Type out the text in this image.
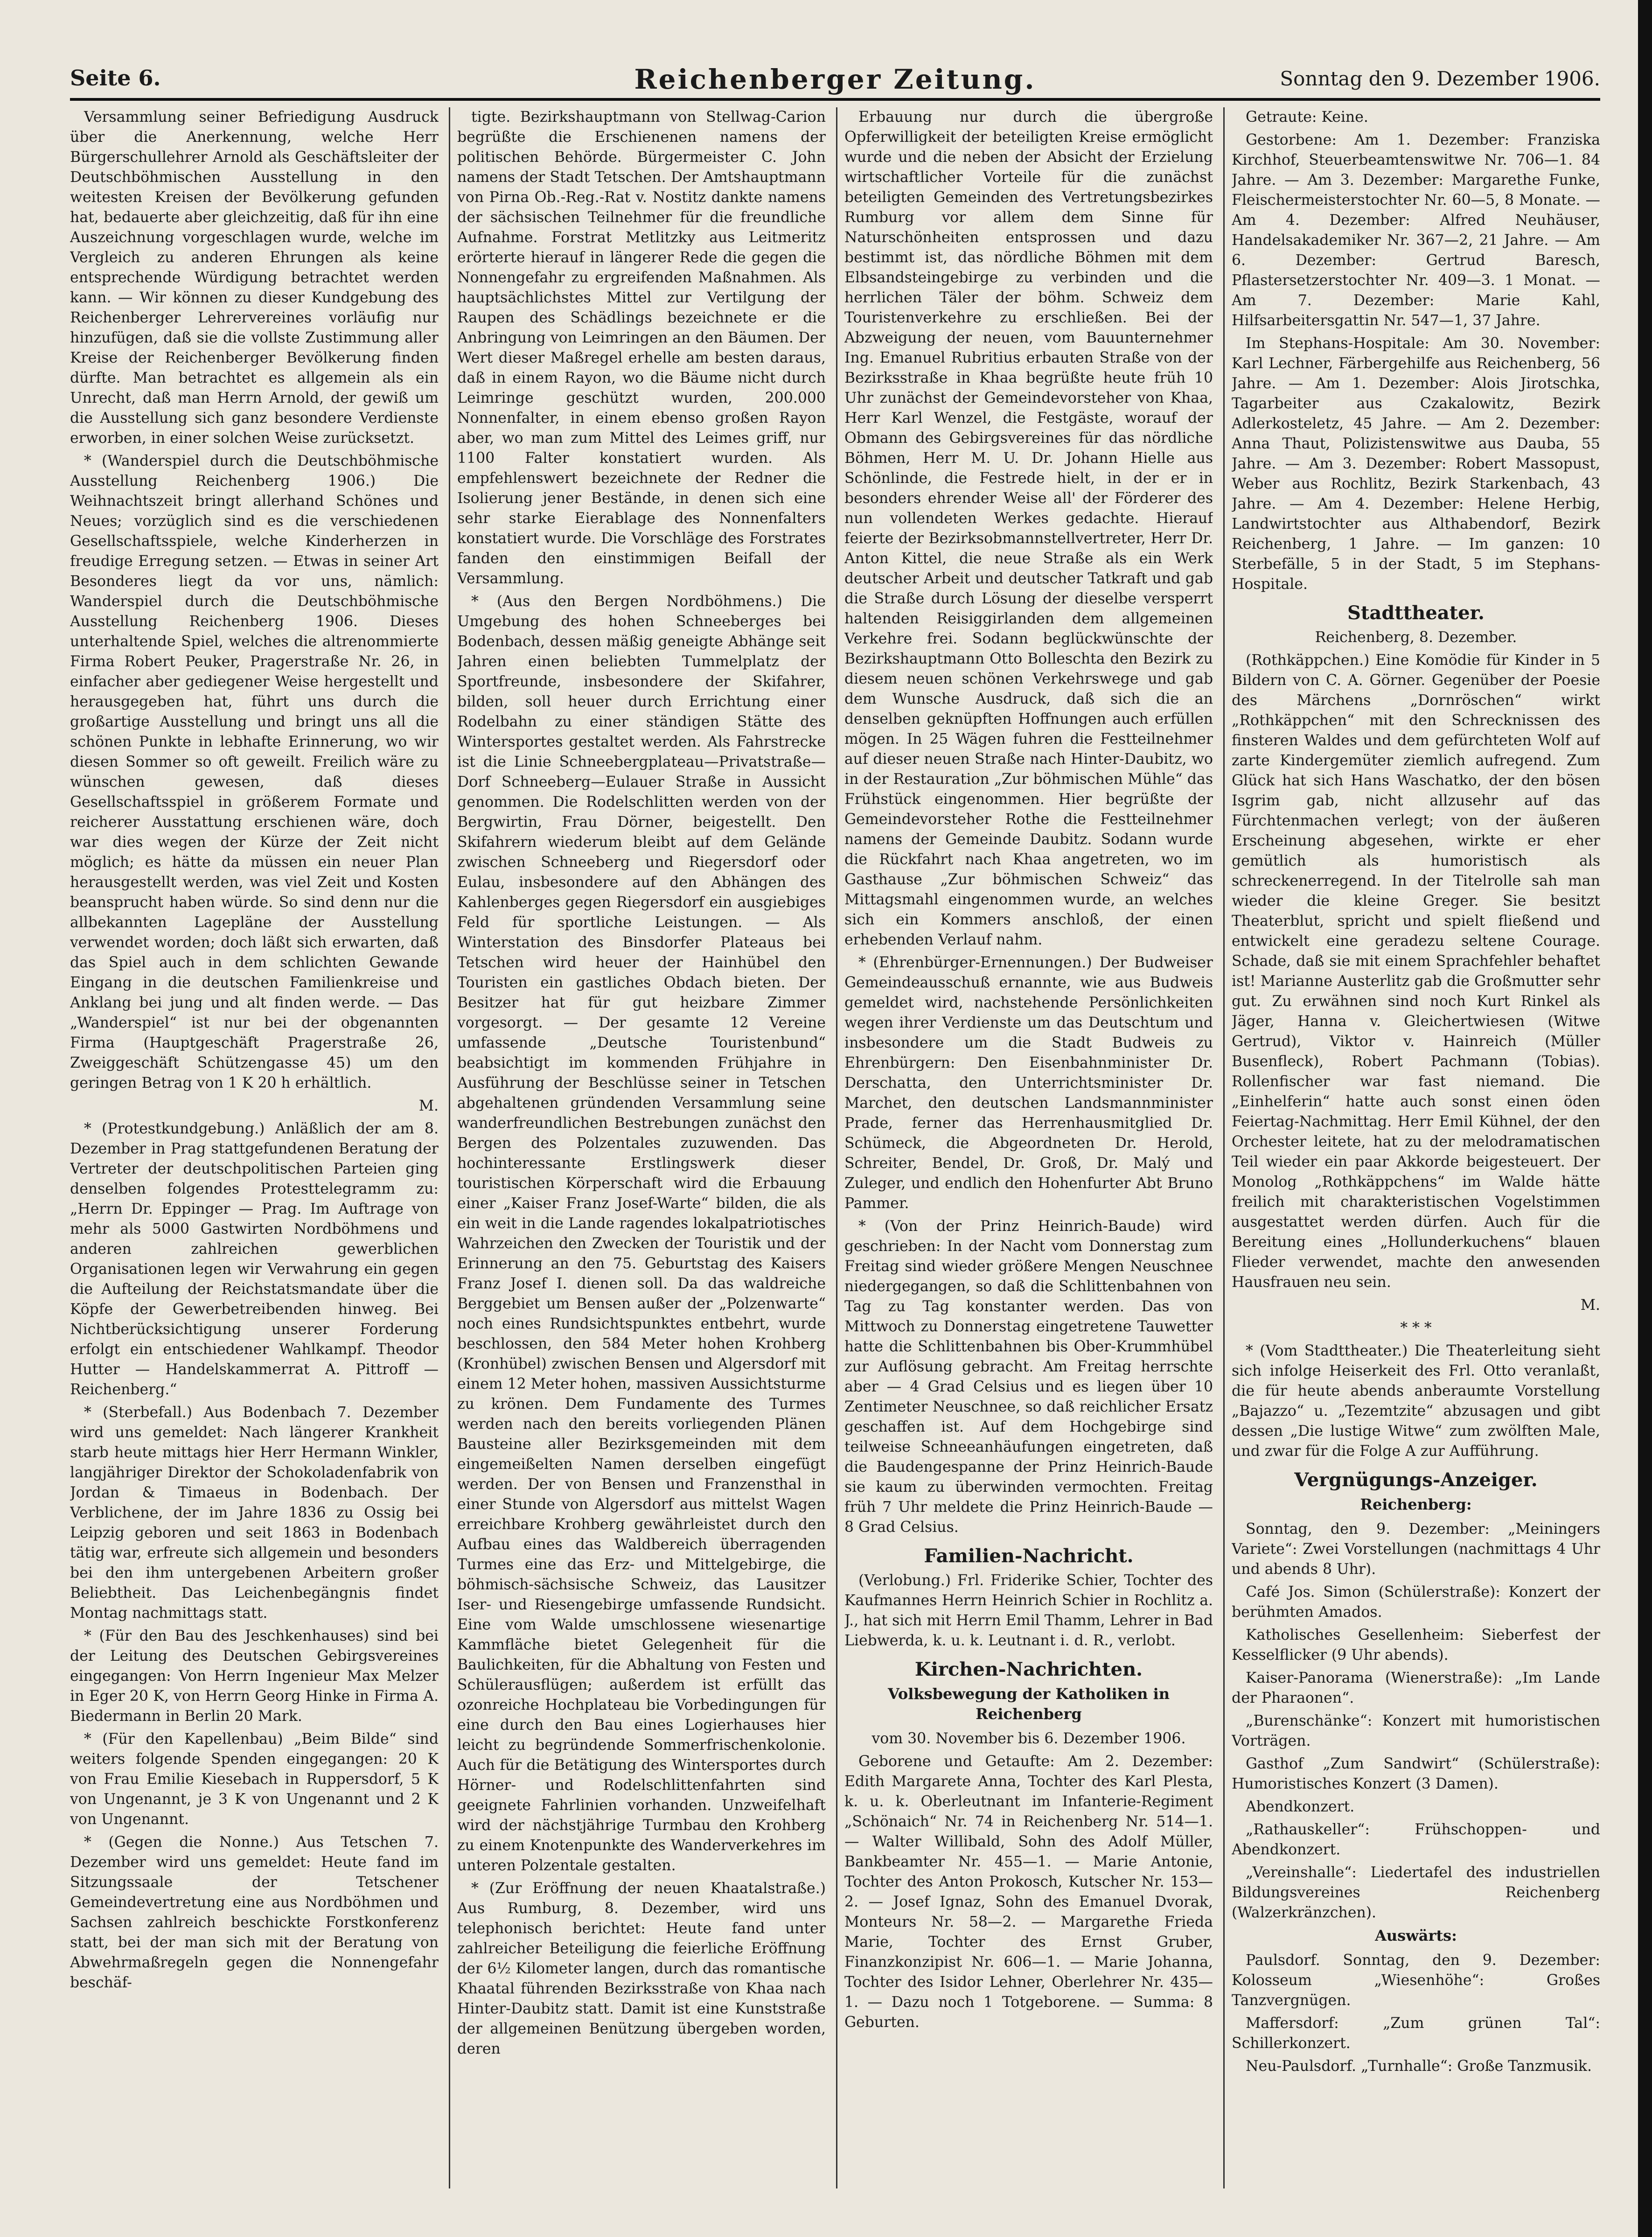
Seite 6.	Reichenberger Zeitung.	Sonntag den 9. Dezember 1906.

Versammlung seiner Befriedigung Ausdruck über die Anerkennung, welche Herr Bürgerschullehrer Arnold als Geschäftsleiter der Deutschböhmischen Ausstellung in den weitesten Kreisen der Bevölkerung gefunden hat, bedauerte aber gleichzeitig, daß für ihn eine Auszeichnung vorgeschlagen wurde, welche im Vergleich zu anderen Ehrungen als keine entsprechende Würdigung betrachtet werden kann. — Wir können zu dieser Kundgebung des Reichenberger Lehrervereines vorläufig nur hinzufügen, daß sie die vollste Zustimmung aller Kreise der Reichenberger Bevölkerung finden dürfte. Man betrachtet es allgemein als ein Unrecht, daß man Herrn Arnold, der gewiß um die Ausstellung sich ganz besondere Verdienste erworben, in einer solchen Weise zurücksetzt.

* (Wanderspiel durch die Deutschböhmische Ausstellung Reichenberg 1906.) Die Weihnachtszeit bringt allerhand Schönes und Neues; vorzüglich sind es die verschiedenen Gesellschaftsspiele, welche Kinderherzen in freudige Erregung setzen. — Etwas in seiner Art Besonderes liegt da vor uns, nämlich: Wanderspiel durch die Deutschböhmische Ausstellung Reichenberg 1906. Dieses unterhaltende Spiel, welches die altrenommierte Firma Robert Peuker, Pragerstraße Nr. 26, in einfacher aber gediegener Weise hergestellt und herausgegeben hat, führt uns durch die großartige Ausstellung und bringt uns all die schönen Punkte in lebhafte Erinnerung, wo wir diesen Sommer so oft geweilt. Freilich wäre zu wünschen gewesen, daß dieses Gesellschaftsspiel in größerem Formate und reicherer Ausstattung erschienen wäre, doch war dies wegen der Kürze der Zeit nicht möglich; es hätte da müssen ein neuer Plan herausgestellt werden, was viel Zeit und Kosten beansprucht haben würde. So sind denn nur die allbekannten Lagepläne der Ausstellung verwendet worden; doch läßt sich erwarten, daß das Spiel auch in dem schlichten Gewande Eingang in die deutschen Familienkreise und Anklang bei jung und alt finden werde. — Das „Wanderspiel“ ist nur bei der obgenannten Firma (Hauptgeschäft Pragerstraße 26, Zweiggeschäft Schützengasse 45) um den geringen Betrag von 1 K 20 h erhältlich.

M.

* (Protestkundgebung.) Anläßlich der am 8. Dezember in Prag stattgefundenen Beratung der Vertreter der deutschpolitischen Parteien ging denselben folgendes Protesttelegramm zu: „Herrn Dr. Eppinger — Prag. Im Auftrage von mehr als 5000 Gastwirten Nordböhmens und anderen zahlreichen gewerblichen Organisationen legen wir Verwahrung ein gegen die Aufteilung der Reichstatsmandate über die Köpfe der Gewerbetreibenden hinweg. Bei Nichtberücksichtigung unserer Forderung erfolgt ein entschiedener Wahlkampf. Theodor Hutter — Handelskammerrat A. Pittroff — Reichenberg.“

* (Sterbefall.) Aus Bodenbach 7. Dezember wird uns gemeldet: Nach längerer Krankheit starb heute mittags hier Herr Hermann Winkler, langjähriger Direktor der Schokoladenfabrik von Jordan & Timaeus in Bodenbach. Der Verblichene, der im Jahre 1836 zu Ossig bei Leipzig geboren und seit 1863 in Bodenbach tätig war, erfreute sich allgemein und besonders bei den ihm untergebenen Arbeitern großer Beliebtheit. Das Leichenbegängnis findet Montag nachmittags statt.

* (Für den Bau des Jeschkenhauses) sind bei der Leitung des Deutschen Gebirgsvereines eingegangen: Von Herrn Ingenieur Max Melzer in Eger 20 K, von Herrn Georg Hinke in Firma A. Biedermann in Berlin 20 Mark.

* (Für den Kapellenbau) „Beim Bilde“ sind weiters folgende Spenden eingegangen: 20 K von Frau Emilie Kiesebach in Ruppersdorf, 5 K von Ungenannt, je 3 K von Ungenannt und 2 K von Ungenannt.

* (Gegen die Nonne.) Aus Tetschen 7. Dezember wird uns gemeldet: Heute fand im Sitzungssaale der Tetschener Gemeindevertretung eine aus Nordböhmen und Sachsen zahlreich beschickte Forstkonferenz statt, bei der man sich mit der Beratung von Abwehrmaßregeln gegen die Nonnengefahr beschäf-

tigte. Bezirkshauptmann von Stellwag-Carion begrüßte die Erschienenen namens der politischen Behörde. Bürgermeister C. John namens der Stadt Tetschen. Der Amtshauptmann von Pirna Ob.-Reg.-Rat v. Nostitz dankte namens der sächsischen Teilnehmer für die freundliche Aufnahme. Forstrat Metlitzky aus Leitmeritz erörterte hierauf in längerer Rede die gegen die Nonnengefahr zu ergreifenden Maßnahmen. Als hauptsächlichstes Mittel zur Vertilgung der Raupen des Schädlings bezeichnete er die Anbringung von Leimringen an den Bäumen. Der Wert dieser Maßregel erhelle am besten daraus, daß in einem Rayon, wo die Bäume nicht durch Leimringe geschützt wurden, 200.000 Nonnenfalter, in einem ebenso großen Rayon aber, wo man zum Mittel des Leimes griff, nur 1100 Falter konstatiert wurden. Als empfehlenswert bezeichnete der Redner die Isolierung jener Bestände, in denen sich eine sehr starke Eierablage des Nonnenfalters konstatiert wurde. Die Vorschläge des Forstrates fanden den einstimmigen Beifall der Versammlung.

* (Aus den Bergen Nordböhmens.) Die Umgebung des hohen Schneeberges bei Bodenbach, dessen mäßig geneigte Abhänge seit Jahren einen beliebten Tummelplatz der Sportfreunde, insbesondere der Skifahrer, bilden, soll heuer durch Errichtung einer Rodelbahn zu einer ständigen Stätte des Wintersportes gestaltet werden. Als Fahrstrecke ist die Linie Schneebergplateau—Privatstraße—Dorf Schneeberg—Eulauer Straße in Aussicht genommen. Die Rodelschlitten werden von der Bergwirtin, Frau Dörner, beigestellt. Den Skifahrern wiederum bleibt auf dem Gelände zwischen Schneeberg und Riegersdorf oder Eulau, insbesondere auf den Abhängen des Kahlenberges gegen Riegersdorf ein ausgiebiges Feld für sportliche Leistungen. — Als Winterstation des Binsdorfer Plateaus bei Tetschen wird heuer der Hainhübel den Touristen ein gastliches Obdach bieten. Der Besitzer hat für gut heizbare Zimmer vorgesorgt. — Der gesamte 12 Vereine umfassende „Deutsche Touristenbund“ beabsichtigt im kommenden Frühjahre in Ausführung der Beschlüsse seiner in Tetschen abgehaltenen gründenden Versammlung seine wanderfreundlichen Bestrebungen zunächst den Bergen des Polzentales zuzuwenden. Das hochinteressante Erstlingswerk dieser touristischen Körperschaft wird die Erbauung einer „Kaiser Franz Josef-Warte“ bilden, die als ein weit in die Lande ragendes lokalpatriotisches Wahrzeichen den Zwecken der Touristik und der Erinnerung an den 75. Geburtstag des Kaisers Franz Josef I. dienen soll. Da das waldreiche Berggebiet um Bensen außer der „Polzenwarte“ noch eines Rundsichtspunktes entbehrt, wurde beschlossen, den 584 Meter hohen Krohberg (Kronhübel) zwischen Bensen und Algersdorf mit einem 12 Meter hohen, massiven Aussichtsturme zu krönen. Dem Fundamente des Turmes werden nach den bereits vorliegenden Plänen Bausteine aller Bezirksgemeinden mit dem eingemeißelten Namen derselben eingefügt werden. Der von Bensen und Franzensthal in einer Stunde von Algersdorf aus mittelst Wagen erreichbare Krohberg gewährleistet durch den Aufbau eines das Waldbereich überragenden Turmes eine das Erz- und Mittelgebirge, die böhmisch-sächsische Schweiz, das Lausitzer Iser- und Riesengebirge umfassende Rundsicht. Eine vom Walde umschlossene wiesenartige Kammfläche bietet Gelegenheit für die Baulichkeiten, für die Abhaltung von Festen und Schülerausflügen; außerdem ist erfüllt das ozonreiche Hochplateau bie Vorbedingungen für eine durch den Bau eines Logierhauses hier leicht zu begründende Sommerfrischenkolonie. Auch für die Betätigung des Wintersportes durch Hörner- und Rodelschlittenfahrten sind geeignete Fahrlinien vorhanden. Unzweifelhaft wird der nächstjährige Turmbau den Krohberg zu einem Knotenpunkte des Wanderverkehres im unteren Polzentale gestalten.

* (Zur Eröffnung der neuen Khaatalstraße.) Aus Rumburg, 8. Dezember, wird uns telephonisch berichtet: Heute fand unter zahlreicher Beteiligung die feierliche Eröffnung der 6½ Kilometer langen, durch das romantische Khaatal führenden Bezirksstraße von Khaa nach Hinter-Daubitz statt. Damit ist eine Kunststraße der allgemeinen Benützung übergeben worden, deren

Erbauung nur durch die übergroße Opferwilligkeit der beteiligten Kreise ermöglicht wurde und die neben der Absicht der Erzielung wirtschaftlicher Vorteile für die zunächst beteiligten Gemeinden des Vertretungsbezirkes Rumburg vor allem dem Sinne für Naturschönheiten entsprossen und dazu bestimmt ist, das nördliche Böhmen mit dem Elbsandsteingebirge zu verbinden und die herrlichen Täler der böhm. Schweiz dem Touristenverkehre zu erschließen. Bei der Abzweigung der neuen, vom Bauunternehmer Ing. Emanuel Rubritius erbauten Straße von der Bezirksstraße in Khaa begrüßte heute früh 10 Uhr zunächst der Gemeindevorsteher von Khaa, Herr Karl Wenzel, die Festgäste, worauf der Obmann des Gebirgsvereines für das nördliche Böhmen, Herr M. U. Dr. Johann Hielle aus Schönlinde, die Festrede hielt, in der er in besonders ehrender Weise all' der Förderer des nun vollendeten Werkes gedachte. Hierauf feierte der Bezirksobmannstellvertreter, Herr Dr. Anton Kittel, die neue Straße als ein Werk deutscher Arbeit und deutscher Tatkraft und gab die Straße durch Lösung der dieselbe versperrt haltenden Reisiggirlanden dem allgemeinen Verkehre frei. Sodann beglückwünschte der Bezirkshauptmann Otto Bolleschta den Bezirk zu diesem neuen schönen Verkehrswege und gab dem Wunsche Ausdruck, daß sich die an denselben geknüpften Hoffnungen auch erfüllen mögen. In 25 Wägen fuhren die Festteilnehmer auf dieser neuen Straße nach Hinter-Daubitz, wo in der Restauration „Zur böhmischen Mühle“ das Frühstück eingenommen. Hier begrüßte der Gemeindevorsteher Rothe die Festteilnehmer namens der Gemeinde Daubitz. Sodann wurde die Rückfahrt nach Khaa angetreten, wo im Gasthause „Zur böhmischen Schweiz“ das Mittagsmahl eingenommen wurde, an welches sich ein Kommers anschloß, der einen erhebenden Verlauf nahm.

* (Ehrenbürger-Ernennungen.) Der Budweiser Gemeindeausschuß ernannte, wie aus Budweis gemeldet wird, nachstehende Persönlichkeiten wegen ihrer Verdienste um das Deutschtum und insbesondere um die Stadt Budweis zu Ehrenbürgern: Den Eisenbahnminister Dr. Derschatta, den Unterrichtsminister Dr. Marchet, den deutschen Landsmannminister Prade, ferner das Herrenhausmitglied Dr. Schümeck, die Abgeordneten Dr. Herold, Schreiter, Bendel, Dr. Groß, Dr. Malý und Zuleger, und endlich den Hohenfurter Abt Bruno Pammer.

* (Von der Prinz Heinrich-Baude) wird geschrieben: In der Nacht vom Donnerstag zum Freitag sind wieder größere Mengen Neuschnee niedergegangen, so daß die Schlittenbahnen von Tag zu Tag konstanter werden. Das von Mittwoch zu Donnerstag eingetretene Tauwetter hatte die Schlittenbahnen bis Ober-Krummhübel zur Auflösung gebracht. Am Freitag herrschte aber — 4 Grad Celsius und es liegen über 10 Zentimeter Neuschnee, so daß reichlicher Ersatz geschaffen ist. Auf dem Hochgebirge sind teilweise Schneeanhäufungen eingetreten, daß die Baudengespanne der Prinz Heinrich-Baude sie kaum zu überwinden vermochten. Freitag früh 7 Uhr meldete die Prinz Heinrich-Baude — 8 Grad Celsius.

Familien-Nachricht.

(Verlobung.) Frl. Friderike Schier, Tochter des Kaufmannes Herrn Heinrich Schier in Rochlitz a. J., hat sich mit Herrn Emil Thamm, Lehrer in Bad Liebwerda, k. u. k. Leutnant i. d. R., verlobt.

Kirchen-Nachrichten.
Volksbewegung der Katholiken in Reichenberg

vom 30. November bis 6. Dezember 1906.

Geborene und Getaufte: Am 2. Dezember: Edith Margarete Anna, Tochter des Karl Plesta, k. u. k. Oberleutnant im Infanterie-Regiment „Schönaich“ Nr. 74 in Reichenberg Nr. 514—1. — Walter Willibald, Sohn des Adolf Müller, Bankbeamter Nr. 455—1. — Marie Antonie, Tochter des Anton Prokosch, Kutscher Nr. 153—2. — Josef Ignaz, Sohn des Emanuel Dvorak, Monteurs Nr. 58—2. — Margarethe Frieda Marie, Tochter des Ernst Gruber, Finanzkonzipist Nr. 606—1. — Marie Johanna, Tochter des Isidor Lehner, Oberlehrer Nr. 435—1. — Dazu noch 1 Totgeborene. — Summa: 8 Geburten.

Getraute: Keine.

Gestorbene: Am 1. Dezember: Franziska Kirchhof, Steuerbeamtenswitwe Nr. 706—1. 84 Jahre. — Am 3. Dezember: Margarethe Funke, Fleischermeisterstochter Nr. 60—5, 8 Monate. — Am 4. Dezember: Alfred Neuhäuser, Handelsakademiker Nr. 367—2, 21 Jahre. — Am 6. Dezember: Gertrud Baresch, Pflastersetzerstochter Nr. 409—3. 1 Monat. — Am 7. Dezember: Marie Kahl, Hilfsarbeitersgattin Nr. 547—1, 37 Jahre.

Im Stephans-Hospitale: Am 30. November: Karl Lechner, Färbergehilfe aus Reichenberg, 56 Jahre. — Am 1. Dezember: Alois Jirotschka, Tagarbeiter aus Czakalowitz, Bezirk Adlerkosteletz, 45 Jahre. — Am 2. Dezember: Anna Thaut, Polizistenswitwe aus Dauba, 55 Jahre. — Am 3. Dezember: Robert Massopust, Weber aus Rochlitz, Bezirk Starkenbach, 43 Jahre. — Am 4. Dezember: Helene Herbig, Landwirtstochter aus Althabendorf, Bezirk Reichenberg, 1 Jahre. — Im ganzen: 10 Sterbefälle, 5 in der Stadt, 5 im Stephans-Hospitale.

Stadttheater.

Reichenberg, 8. Dezember.

(Rothkäppchen.) Eine Komödie für Kinder in 5 Bildern von C. A. Görner. Gegenüber der Poesie des Märchens „Dornröschen“ wirkt „Rothkäppchen“ mit den Schrecknissen des finsteren Waldes und dem gefürchteten Wolf auf zarte Kindergemüter ziemlich aufregend. Zum Glück hat sich Hans Waschatko, der den bösen Isgrim gab, nicht allzusehr auf das Fürchtenmachen verlegt; von der äußeren Erscheinung abgesehen, wirkte er eher gemütlich als humoristisch als schreckenerregend. In der Titelrolle sah man wieder die kleine Greger. Sie besitzt Theaterblut, spricht und spielt fließend und entwickelt eine geradezu seltene Courage. Schade, daß sie mit einem Sprachfehler behaftet ist! Marianne Austerlitz gab die Großmutter sehr gut. Zu erwähnen sind noch Kurt Rinkel als Jäger, Hanna v. Gleichertwiesen (Witwe Gertrud), Viktor v. Hainreich (Müller Busenfleck), Robert Pachmann (Tobias). Rollenfischer war fast niemand. Die „Einhelferin“ hatte auch sonst einen öden Feiertag-Nachmittag. Herr Emil Kühnel, der den Orchester leitete, hat zu der melodramatischen Teil wieder ein paar Akkorde beigesteuert. Der Monolog „Rothkäppchens“ im Walde hätte freilich mit charakteristischen Vogelstimmen ausgestattet werden dürfen. Auch für die Bereitung eines „Hollunderkuchens“ blauen Flieder verwendet, machte den anwesenden Hausfrauen neu sein.

M.

* * *

* (Vom Stadttheater.) Die Theaterleitung sieht sich infolge Heiserkeit des Frl. Otto veranlaßt, die für heute abends anberaumte Vorstellung „Bajazzo“ u. „Tezemtzite“ abzusagen und gibt dessen „Die lustige Witwe“ zum zwölften Male, und zwar für die Folge A zur Aufführung.

Vergnügungs-Anzeiger.
Reichenberg:

Sonntag, den 9. Dezember: „Meiningers Variete“: Zwei Vorstellungen (nachmittags 4 Uhr und abends 8 Uhr).

Café Jos. Simon (Schülerstraße): Konzert der berühmten Amados.

Katholisches Gesellenheim: Sieberfest der Kesselflicker (9 Uhr abends).

Kaiser-Panorama (Wienerstraße): „Im Lande der Pharaonen“.

„Burenschänke“: Konzert mit humoristischen Vorträgen.

Gasthof „Zum Sandwirt“ (Schülerstraße): Humoristisches Konzert (3 Damen).

Abendkonzert.

„Rathauskeller“: Frühschoppen- und Abendkonzert.

„Vereinshalle“: Liedertafel des industriellen Bildungsvereines Reichenberg (Walzerkränzchen).

Auswärts:

Paulsdorf. Sonntag, den 9. Dezember: Kolosseum „Wiesenhöhe“: Großes Tanzvergnügen.

Maffersdorf: „Zum grünen Tal“: Schillerkonzert.

Neu-Paulsdorf. „Turnhalle“: Große Tanzmusik.
